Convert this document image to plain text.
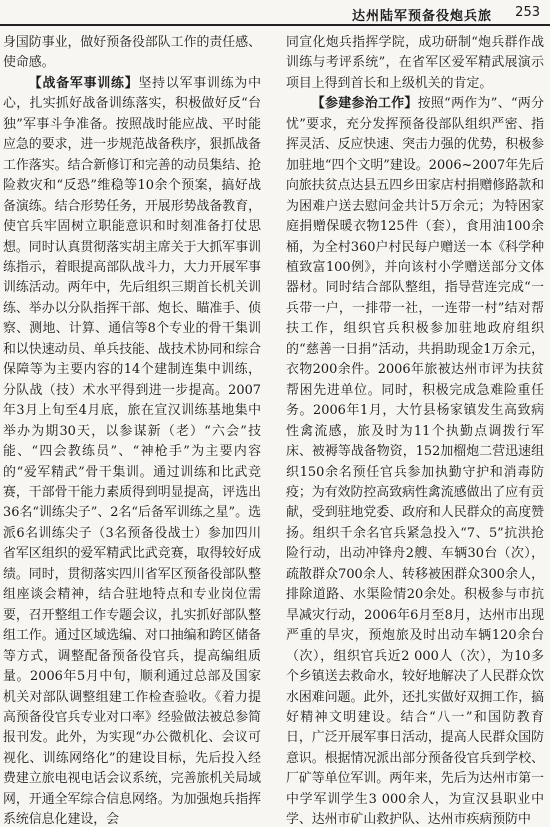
达州陆军预备役炮兵旅 253

身国防事业，做好预备役部队工作的责任感、使命感。

【战备军事训练】坚持以军事训练为中心，扎实抓好战备训练落实，积极做好反“台独”军事斗争准备。按照战时能应战、平时能应急的要求，进一步规范战备秩序，狠抓战备工作落实。结合新修订和完善的动员集结、抢险救灾和“反恐”维稳等10余个预案，搞好战备演练。结合形势任务，开展形势战备教育，使官兵牢固树立职能意识和时刻准备打仗思想。同时认真贯彻落实胡主席关于大抓军事训练指示，着眼提高部队战斗力，大力开展军事训练活动。两年中，先后组织三期首长机关训练、举办以分队指挥干部、炮长、瞄准手、侦察、测地、计算、通信等8个专业的骨干集训和以快速动员、单兵技能、战技术协同和综合保障等为主要内容的14个建制连集中训练，分队战（技）术水平得到进一步提高。2007年3月上旬至4月底，旅在宣汉训练基地集中举办为期30天，以参谋新（老）“六会”技能、“四会教练员”、“神枪手”为主要内容的“爱军精武”骨干集训。通过训练和比武竞赛，干部骨干能力素质得到明显提高，评选出36名“训练尖子”、2名“后备军训练之星”。选派6名训练尖子（3名预备役战士）参加四川省军区组织的爱军精武比武竞赛，取得较好成绩。同时，贯彻落实四川省军区预备役部队整组座谈会精神，结合驻地特点和专业岗位需要，召开整组工作专题会议，扎实抓好部队整组工作。通过区域选编、对口抽编和跨区储备等方式，调整配备预备役官兵，提高编组质量。2006年5月中旬，顺利通过总部及国家机关对部队调整组建工作检查验收。《着力提高预备役官兵专业对口率》经验做法被总参简报刊发。此外，为实现“办公微机化、会议可视化、训练网络化”的建设目标，先后投入经费建立旅电视电话会议系统，完善旅机关局域网，开通全军综合信息网络。为加强炮兵指挥系统信息化建设，会

同宣化炮兵指挥学院，成功研制“炮兵群作战训练与考评系统”，在省军区爱军精武展演示项目上得到首长和上级机关的肯定。

【参建参治工作】按照“两作为”、“两分忧”要求，充分发挥预备役部队组织严密、指挥灵活、反应快速、突击力强的优势，积极参加驻地“四个文明”建设。2006~2007年先后向旅扶贫点达县五四乡田家店村捐赠修路款和为困难户送去慰问金共计5万余元；为特困家庭捐赠保暖衣物125件（套），食用油100余桶，为全村360户村民每户赠送一本《科学种植致富100例》，并向该村小学赠送部分文体器材。同时结合部队整组，指导营连完成“一兵带一户，一排带一社，一连带一村”结对帮扶工作，组织官兵积极参加驻地政府组织的“慈善一日捐”活动，共捐助现金1万余元，衣物200余件。2006年旅被达州市评为扶贫帮困先进单位。同时，积极完成急难险重任务。2006年1月，大竹县杨家镇发生高致病性禽流感，旅及时为11个执勤点调拨行军床、被褥等战备物资，152加榴炮二营迅速组织150余名预任官兵参加执勤守护和消毒防疫；为有效防控高致病性禽流感做出了应有贡献，受到驻地党委、政府和人民群众的高度赞扬。组织千余名官兵紧急投入“7、5”抗洪抢险行动，出动冲锋舟2艘、车辆30台（次），疏散群众700余人、转移被困群众300余人，排除道路、水渠险情20余处。积极参与市抗旱减灾行动，2006年6月至8月，达州市出现严重的旱灾，预炮旅及时出动车辆120余台（次），组织官兵近2 000人（次），为10多个乡镇送去救命水，较好地解决了人民群众饮水困难问题。此外，还扎实做好双拥工作，搞好精神文明建设。结合“八一”和国防教育日，广泛开展军事日活动，提高人民群众国防意识。根据情况派出部分预备役官兵到学校、厂矿等单位军训。两年来，先后为达州市第一中学军训学生3 000余人，为宣汉县职业中学、达州市矿山救护队、达州市疾病预防中
